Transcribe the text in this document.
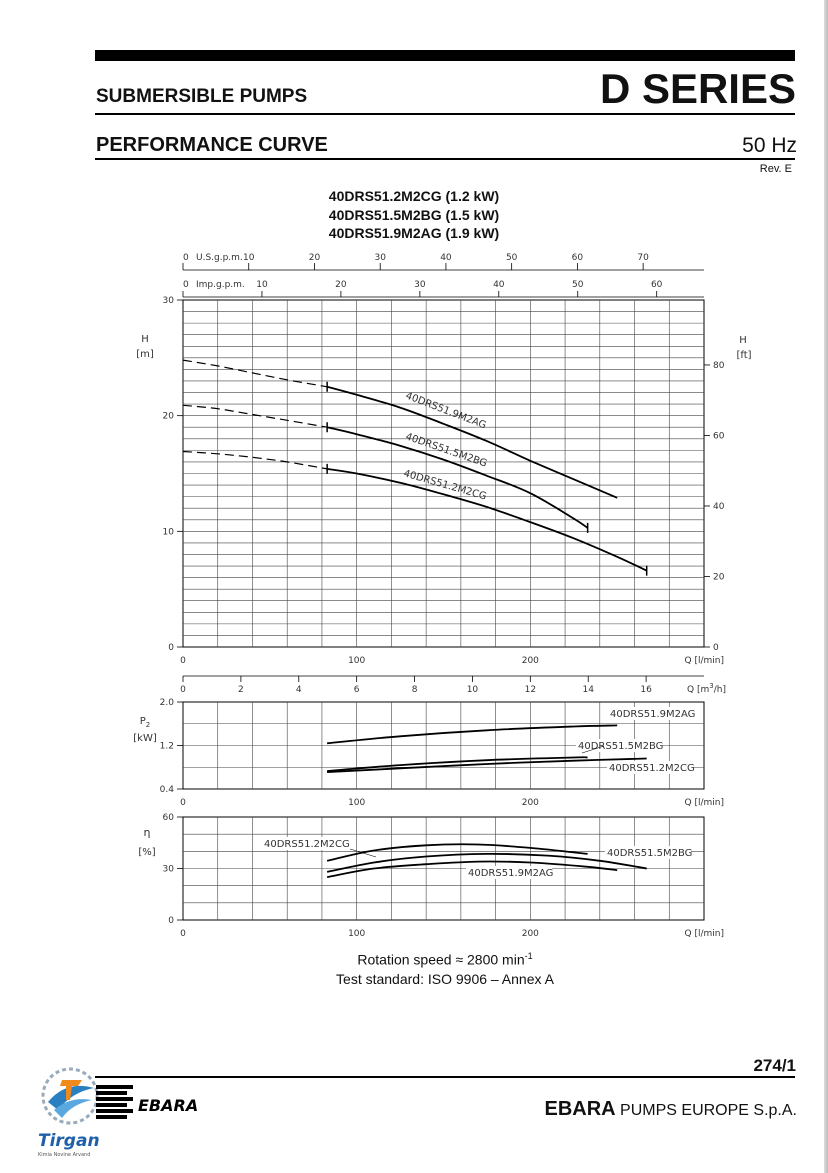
SUBMERSIBLE PUMPS	D SERIES
PERFORMANCE CURVE	50 Hz
Rev. E
40DRS51.2M2CG (1.2 kW)
40DRS51.5M2BG (1.5 kW)
40DRS51.9M2AG (1.9 kW)
0	10	20	30	40	50	60	70
U.S.g.p.m.
0	10	20	30	40	50	60
Imp.g.p.m.
0
10
20
30
H
[m]
0
20
40
60
80
H
[ft]
0	100	200	Q [l/min]
0	2	4	6	8	10	12	14	16	Q $[m^3/h]$
40DRS51.9M2AG
40DRS51.5M2BG
40DRS51.2M2CG
0.4
1.2
2.0
$P_2$
[kW]
0	100	200	Q [l/min]
40DRS51.9M2AG
40DRS51.5M2BG
40DRS51.2M2CG
0
30
60
η
[%]
0	100	200	Q [l/min]
40DRS51.2M2CG
40DRS51.5M2BG
40DRS51.9M2AG
Rotation speed ≈ 2800 $\min^{-1}$
Test standard: ISO 9906 – Annex A
274/1
EBARA PUMPS EUROPE S.p.A.
Tirgan
Kimia Novine Arvand
EBARA
